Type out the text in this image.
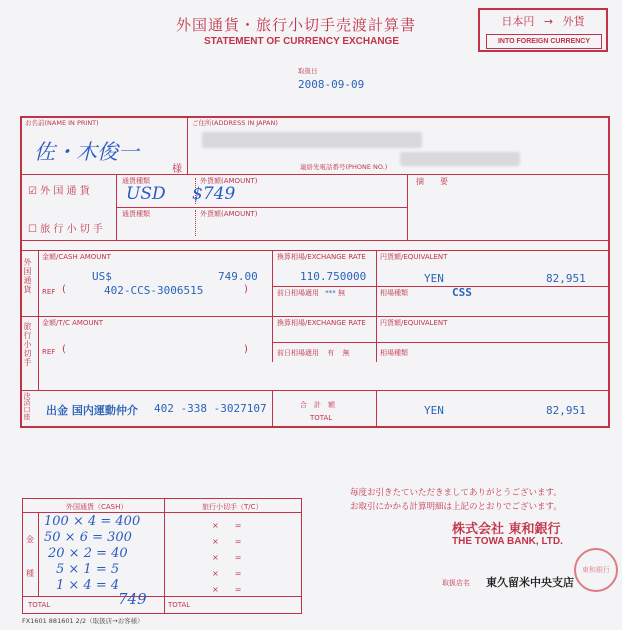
外国通貨・旅行小切手売渡計算書
STATEMENT OF CURRENCY EXCHANGE
日本円 → 外貨
INTO FOREIGN CURRENCY
取扱日
2008-09-09
お名前(NAME IN PRINT)
佐・木俊一
様
ご住所(ADDRESS IN JAPAN)
連絡先電話番号(PHONE NO.)
☑ 外 国 通 貨
☐ 旅 行 小 切 手
通貨種類	外貨額(AMOUNT)
USD $749
通貨種類	外貨額(AMOUNT)
摘　　要
外国通貨
金額/CASH AMOUNT
US$	749.00
REF (	402-CCS-3006515	)
換算相場/EXCHANGE RATE
110.750000
前日相場適用 *** 無	相場種類	CSS
円貨額/EQUIVALENT
YEN	82,951
旅行小切手 金額/T/C AMOUNT
REF (	)
換算相場/EXCHANGE RATE
前日相場適用 有 無	相場種類
円貨額/EQUIVALENT
決済口座 出金 国内運動仲介 402 -338 -3027107	合　計　額
TOTAL
YEN	82,951
外国通貨（CASH）	旅行小切手（T/C）
金
種
100 × 4 = 400
50 × 6 = 300
20 × 2 = 40
5 × 1 = 5
1 × 4 = 4
×　　=
×　　=
×　　=
×　　=
×　　=
TOTAL	749	TOTAL
毎度お引きたていただきましてありがとうございます。
お取引にかかる計算明細は上記のとおりでございます。
株式会社 東和銀行
THE TOWA BANK, LTD.
取扱店名 東久留米中央支店
東和銀行
FX1601 881601 2/2（取扱店→お客様）
